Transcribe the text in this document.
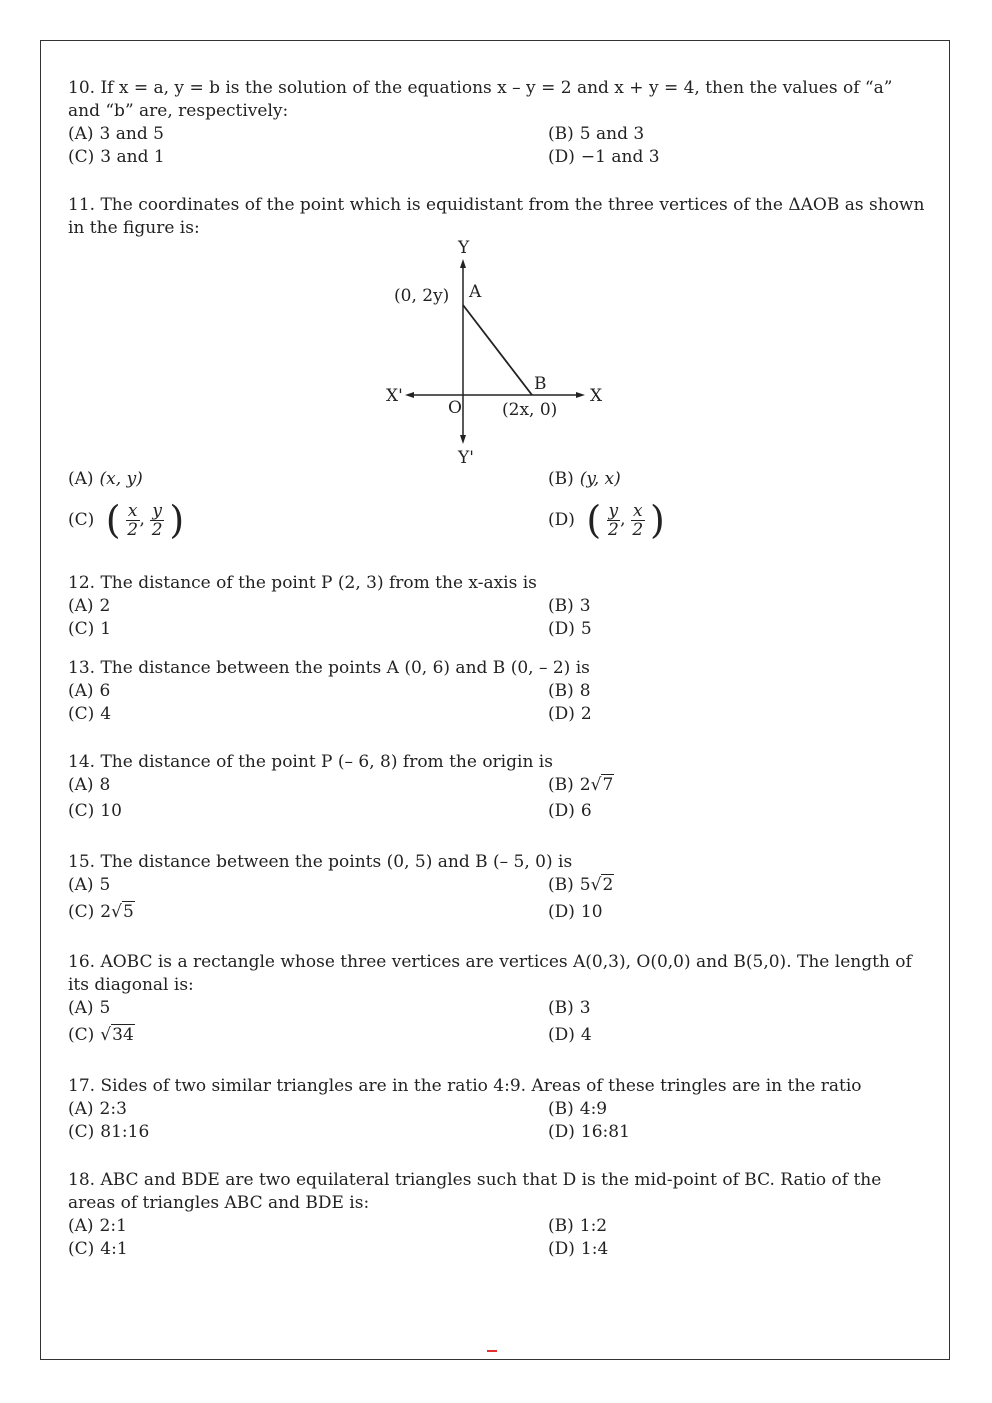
10. If x = a, y = b is the solution of the equations x – y = 2 and x + y = 4, then the values of “a” and “b” are, respectively:

(A) 3 and 5	(B) 5 and 3
(C) 3 and 1	(D) −1 and 3

11. The coordinates of the point which is equidistant from the three vertices of the ΔAOB as shown in the figure is:

Y
Y'
X
X'
O
A
(0, 2y)
B
(2x, 0)
(A) (x, y)	(B) (y, x)
(C) ( $\frac{x}{2}$ , $\frac{y}{2}$ )	(D) ( $\frac{y}{2}$ , $\frac{x}{2}$ )

12. The distance of the point P (2, 3) from the x-axis is

(A) 2	(B) 3
(C) 1	(D) 5

13. The distance between the points A (0, 6) and B (0, – 2) is

(A) 6	(B) 8
(C) 4	(D) 2

14. The distance of the point P (– 6, 8) from the origin is

(A) 8	(B) 2√7
(C) 10	(D) 6

15. The distance between the points (0, 5) and B (– 5, 0) is

(A) 5	(B) 5√2
(C) 2√5	(D) 10

16. AOBC is a rectangle whose three vertices are vertices A(0,3), O(0,0) and B(5,0). The length of its diagonal is:

(A) 5	(B) 3
(C) √34	(D) 4

17. Sides of two similar triangles are in the ratio 4:9. Areas of these tringles are in the ratio

(A) 2:3	(B) 4:9
(C) 81:16	(D) 16:81

18. ABC and BDE are two equilateral triangles such that D is the mid-point of BC. Ratio of the areas of triangles ABC and BDE is:

(A) 2:1	(B) 1:2
(C) 4:1	(D) 1:4
